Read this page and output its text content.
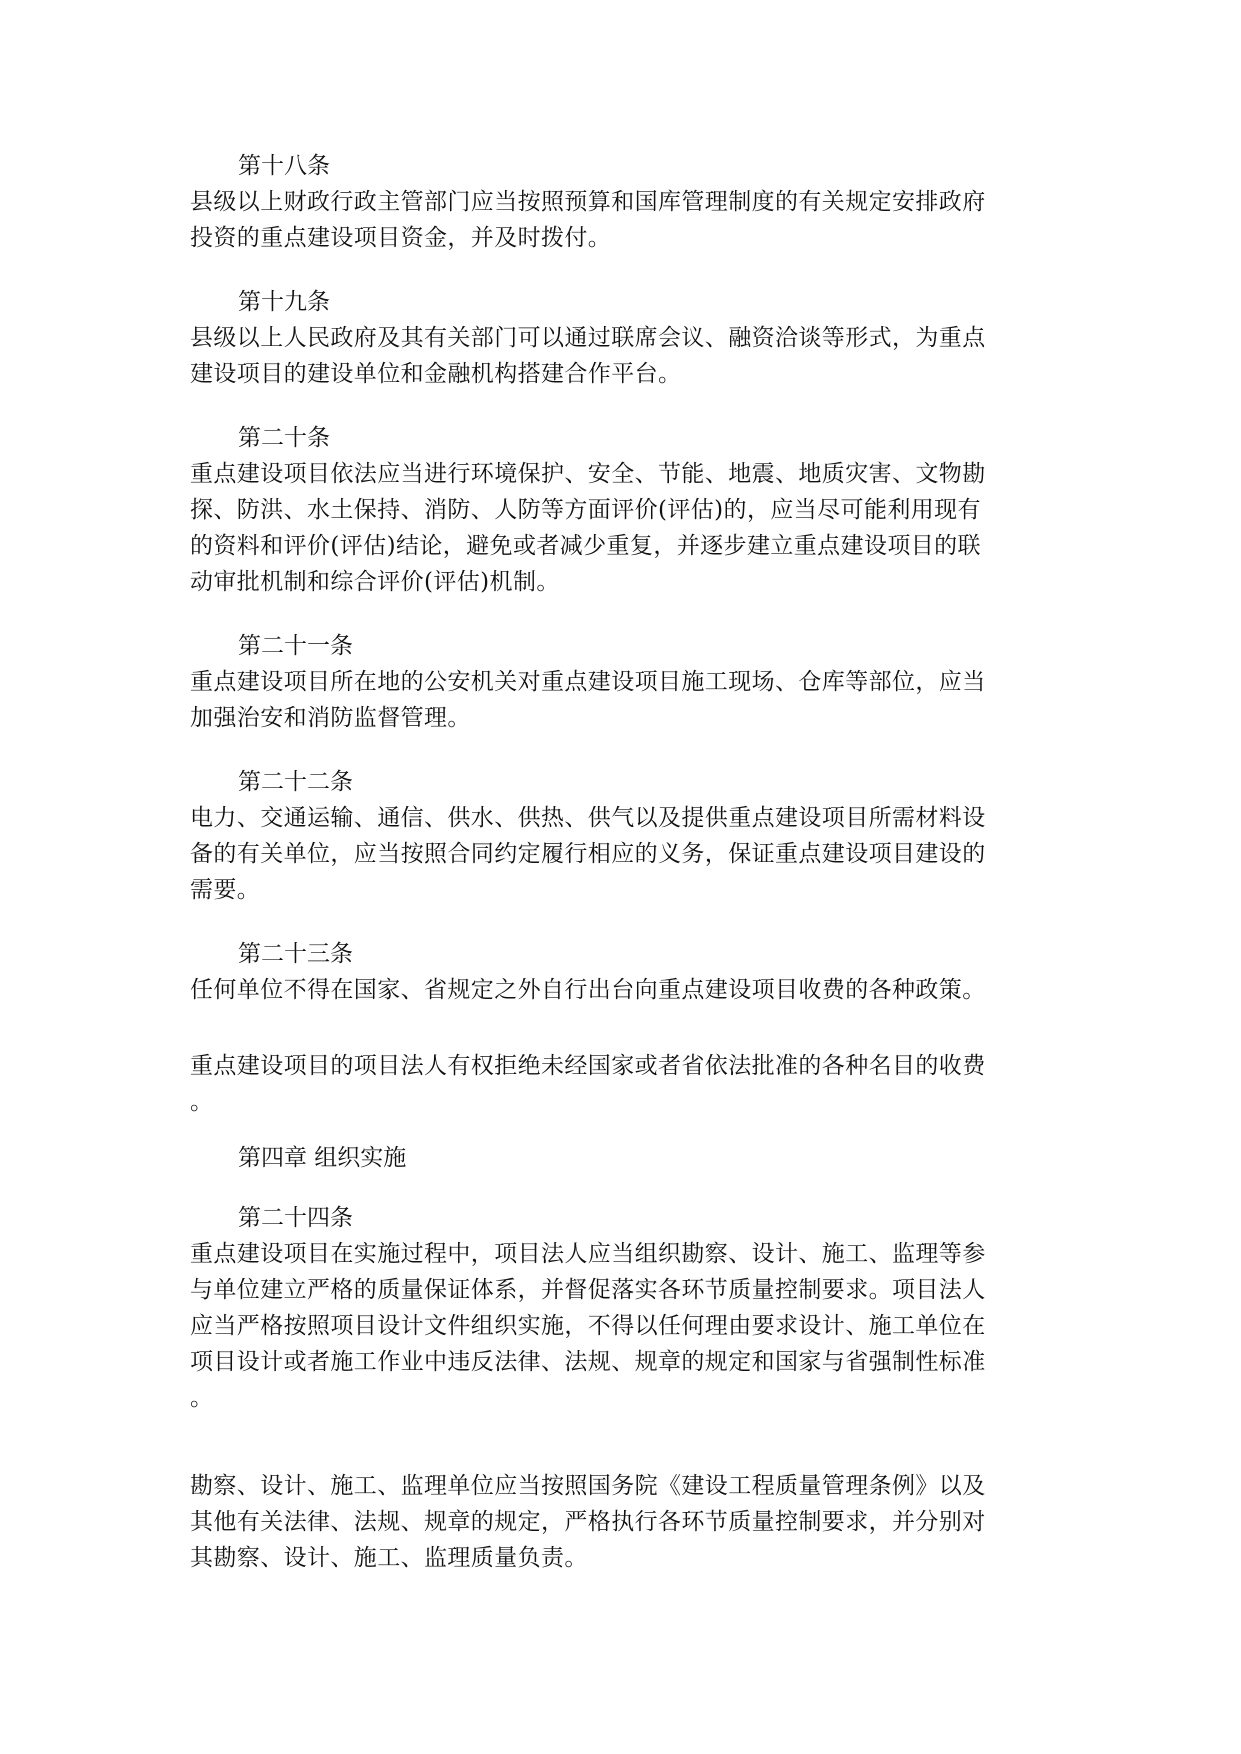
第十八条
县级以上财政行政主管部门应当按照预算和国库管理制度的有关规定安排政府
投资的重点建设项目资金，并及时拨付。
第十九条
县级以上人民政府及其有关部门可以通过联席会议、融资洽谈等形式，为重点
建设项目的建设单位和金融机构搭建合作平台。
第二十条
重点建设项目依法应当进行环境保护、安全、节能、地震、地质灾害、文物勘
探、防洪、水土保持、消防、人防等方面评价(评估)的，应当尽可能利用现有
的资料和评价(评估)结论，避免或者减少重复，并逐步建立重点建设项目的联
动审批机制和综合评价(评估)机制。
第二十一条
重点建设项目所在地的公安机关对重点建设项目施工现场、仓库等部位，应当
加强治安和消防监督管理。
第二十二条
电力、交通运输、通信、供水、供热、供气以及提供重点建设项目所需材料设
备的有关单位，应当按照合同约定履行相应的义务，保证重点建设项目建设的
需要。
第二十三条
任何单位不得在国家、省规定之外自行出台向重点建设项目收费的各种政策。
重点建设项目的项目法人有权拒绝未经国家或者省依法批准的各种名目的收费
。
第四章 组织实施
第二十四条
重点建设项目在实施过程中，项目法人应当组织勘察、设计、施工、监理等参
与单位建立严格的质量保证体系，并督促落实各环节质量控制要求。项目法人
应当严格按照项目设计文件组织实施，不得以任何理由要求设计、施工单位在
项目设计或者施工作业中违反法律、法规、规章的规定和国家与省强制性标准
。
勘察、设计、施工、监理单位应当按照国务院《建设工程质量管理条例》以及
其他有关法律、法规、规章的规定，严格执行各环节质量控制要求，并分别对
其勘察、设计、施工、监理质量负责。
